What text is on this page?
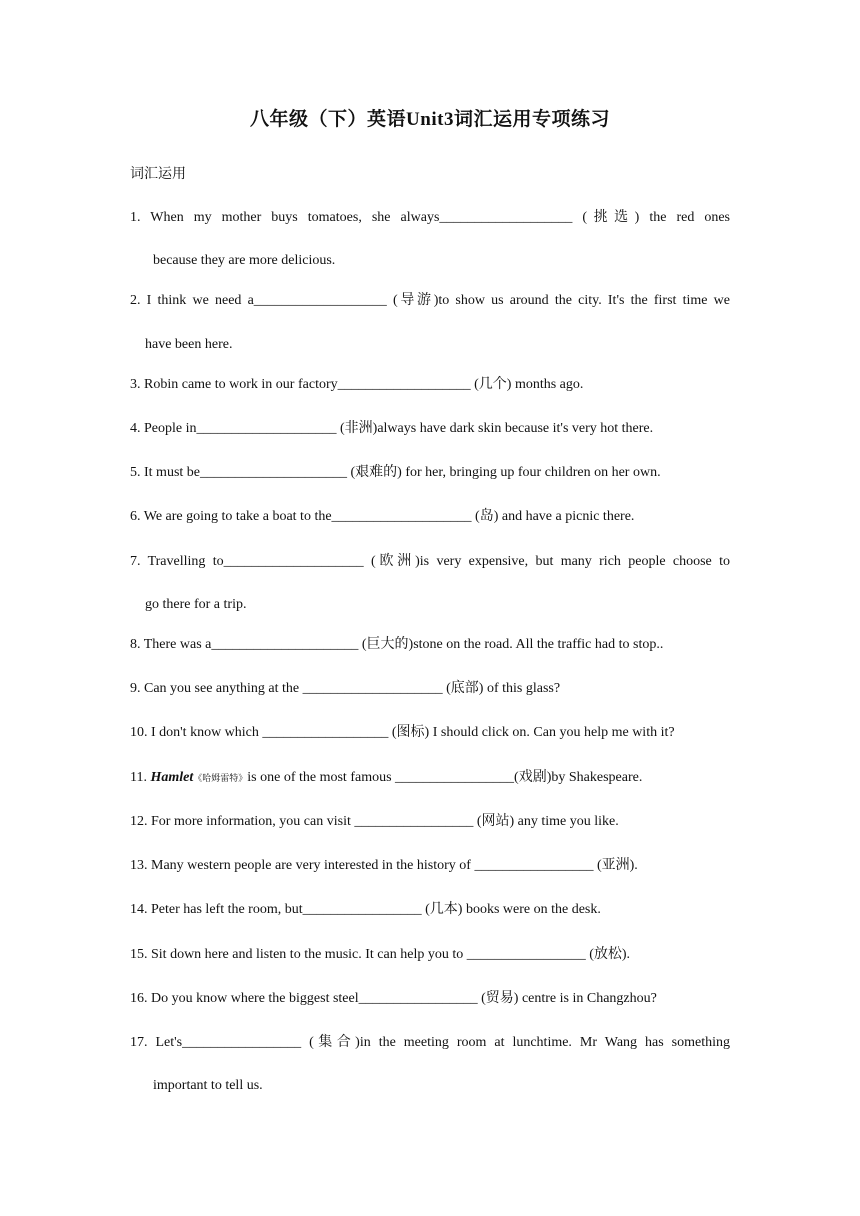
八年级（下）英语Unit3词汇运用专项练习
词汇运用
1. When my mother buys tomatoes, she always___________________ (挑选) the red ones
because they are more delicious.
2. I think we need a___________________ (导游)to show us around the city. It's the first time we
have been here.
3. Robin came to work in our factory___________________ (几个) months ago.
4. People in____________________ (非洲)always have dark skin because it's very hot there.
5. It must be_____________________ (艰难的) for her, bringing up four children on her own.
6. We are going to take a boat to the____________________ (岛) and have a picnic there.
7. Travelling to____________________ (欧洲)is very expensive, but many rich people choose to
go there for a trip.
8. There was a_____________________ (巨大的)stone on the road. All the traffic had to stop..
9. Can you see anything at the ____________________ (底部) of this glass?
10. I don't know which __________________ (图标) I should click on. Can you help me with it?
11. Hamlet《哈姆雷特》is one of the most famous _________________(戏剧)by Shakespeare.
12. For more information, you can visit _________________ (网站) any time you like.
13. Many western people are very interested in the history of _________________ (亚洲).
14. Peter has left the room, but_________________ (几本) books were on the desk.
15. Sit down here and listen to the music. It can help you to _________________ (放松).
16. Do you know where the biggest steel_________________ (贸易) centre is in Changzhou?
17. Let's_________________ (集合)in the meeting room at lunchtime. Mr Wang has something
important to tell us.
